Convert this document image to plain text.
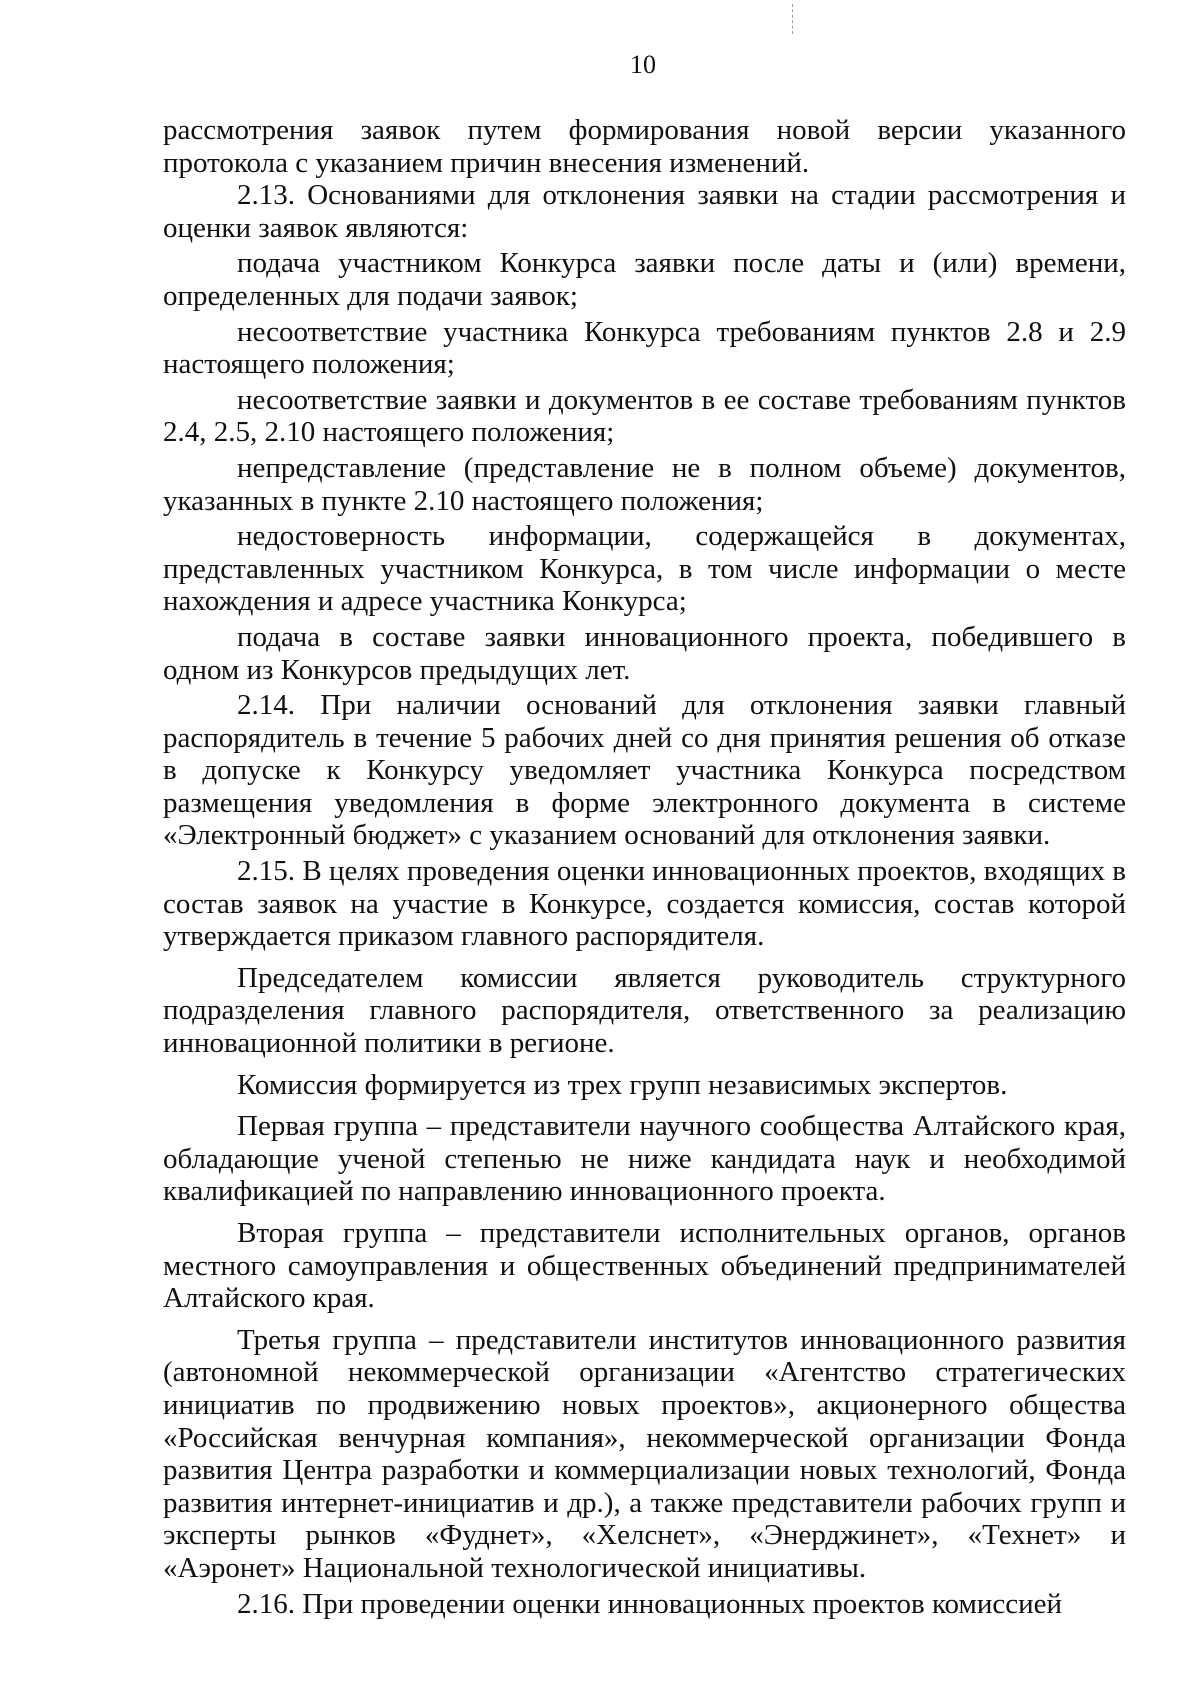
10

рассмотрения заявок путем формирования новой версии указанного протокола с указанием причин внесения изменений.

2.13. Основаниями для отклонения заявки на стадии рассмотрения и оценки заявок являются:

подача участником Конкурса заявки после даты и (или) времени, определенных для подачи заявок;

несоответствие участника Конкурса требованиям пунктов 2.8 и 2.9 настоящего положения;

несоответствие заявки и документов в ее составе требованиям пунктов 2.4, 2.5, 2.10 настоящего положения;

непредставление (представление не в полном объеме) документов, указанных в пункте 2.10 настоящего положения;

недостоверность информации, содержащейся в документах, представленных участником Конкурса, в том числе информации о месте нахождения и адресе участника Конкурса;

подача в составе заявки инновационного проекта, победившего в одном из Конкурсов предыдущих лет.

2.14. При наличии оснований для отклонения заявки главный распорядитель в течение 5 рабочих дней со дня принятия решения об отказе в допуске к Конкурсу уведомляет участника Конкурса посредством размещения уведомления в форме электронного документа в системе «Электронный бюджет» с указанием оснований для отклонения заявки.

2.15. В целях проведения оценки инновационных проектов, входящих в состав заявок на участие в Конкурсе, создается комиссия, состав которой утверждается приказом главного распорядителя.

Председателем комиссии является руководитель структурного подразделения главного распорядителя, ответственного за реализацию инновационной политики в регионе.

Комиссия формируется из трех групп независимых экспертов.

Первая группа – представители научного сообщества Алтайского края, обладающие ученой степенью не ниже кандидата наук и необходимой квалификацией по направлению инновационного проекта.

Вторая группа – представители исполнительных органов, органов местного самоуправления и общественных объединений предпринимателей Алтайского края.

Третья группа – представители институтов инновационного развития (автономной некоммерческой организации «Агентство стратегических инициатив по продвижению новых проектов», акционерного общества «Российская венчурная компания», некоммерческой организации Фонда развития Центра разработки и коммерциализации новых технологий, Фонда развития интернет-инициатив и др.), а также представители рабочих групп и эксперты рынков «Фуднет», «Хелснет», «Энерджинет», «Технет» и «Аэронет» Национальной технологической инициативы.

2.16. При проведении оценки инновационных проектов комиссией
